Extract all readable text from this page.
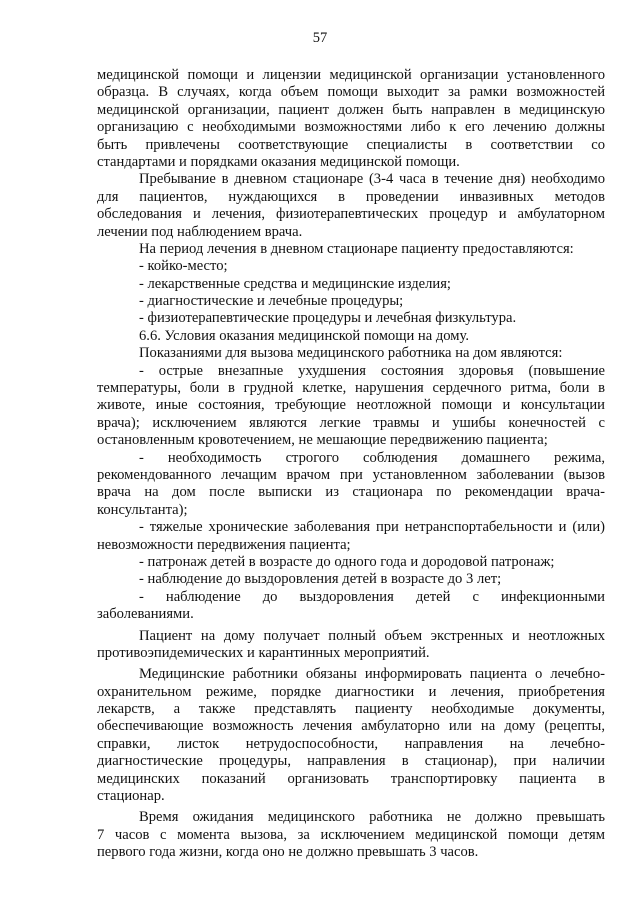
57
медицинской помощи и лицензии медицинской организации установленного
образца. В случаях, когда объем помощи выходит за рамки возможностей
медицинской организации, пациент должен быть направлен в медицинскую
организацию с необходимыми возможностями либо к его лечению должны
быть привлечены соответствующие специалисты в соответствии со
стандартами и порядками оказания медицинской помощи.
Пребывание в дневном стационаре (3-4 часа в течение дня) необходимо
для пациентов, нуждающихся в проведении инвазивных методов
обследования и лечения, физиотерапевтических процедур и амбулаторном
лечении под наблюдением врача.
На период лечения в дневном стационаре пациенту предоставляются:
- койко-место;
- лекарственные средства и медицинские изделия;
- диагностические и лечебные процедуры;
- физиотерапевтические процедуры и лечебная физкультура.
6.6. Условия оказания медицинской помощи на дому.
Показаниями для вызова медицинского работника на дом являются:
- острые внезапные ухудшения состояния здоровья (повышение
температуры, боли в грудной клетке, нарушения сердечного ритма, боли в
животе, иные состояния, требующие неотложной помощи и консультации
врача); исключением являются легкие травмы и ушибы конечностей с
остановленным кровотечением, не мешающие передвижению пациента;
- необходимость строгого соблюдения домашнего режима,
рекомендованного лечащим врачом при установленном заболевании (вызов
врача на дом после выписки из стационара по рекомендации врача-
консультанта);
- тяжелые хронические заболевания при нетранспортабельности и (или)
невозможности передвижения пациента;
- патронаж детей в возрасте до одного года и дородовой патронаж;
- наблюдение до выздоровления детей в возрасте до 3 лет;
- наблюдение до выздоровления детей с инфекционными
заболеваниями.
Пациент на дому получает полный объем экстренных и неотложных
противоэпидемических и карантинных мероприятий.
Медицинские работники обязаны информировать пациента о лечебно-
охранительном режиме, порядке диагностики и лечения, приобретения
лекарств, а также представлять пациенту необходимые документы,
обеспечивающие возможность лечения амбулаторно или на дому (рецепты,
справки, листок нетрудоспособности, направления на лечебно-
диагностические процедуры, направления в стационар), при наличии
медицинских показаний организовать транспортировку пациента в
стационар.
Время ожидания медицинского работника не должно превышать
7 часов с момента вызова, за исключением медицинской помощи детям
первого года жизни, когда оно не должно превышать 3 часов.
